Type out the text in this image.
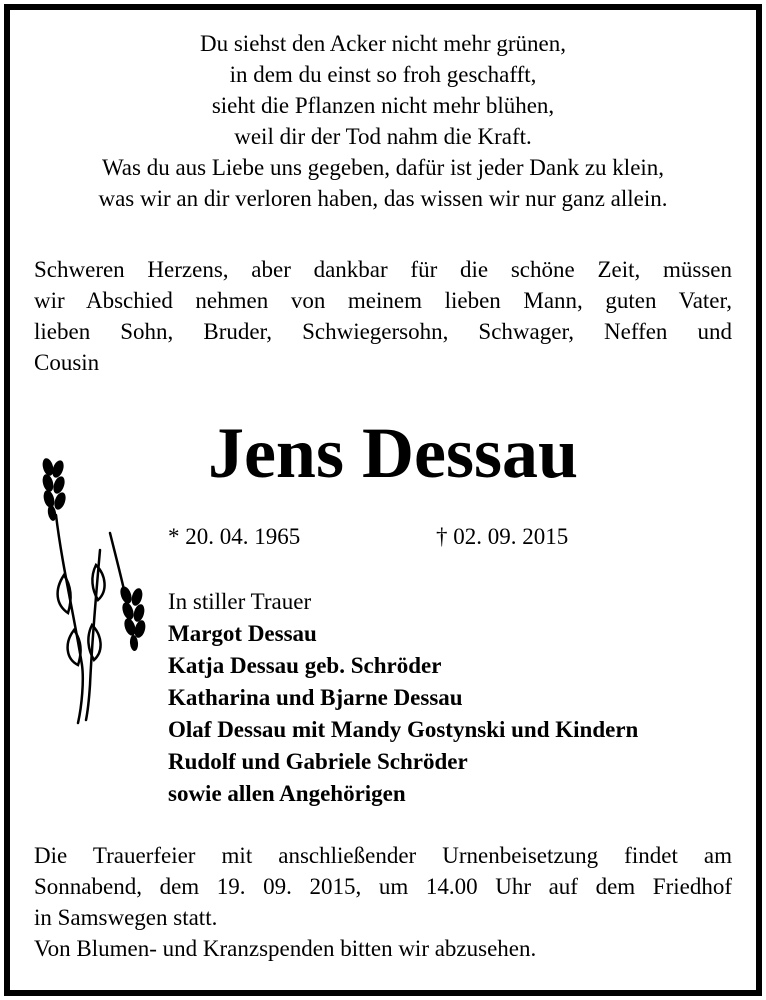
Du siehst den Acker nicht mehr grünen,
in dem du einst so froh geschafft,
sieht die Pflanzen nicht mehr blühen,
weil dir der Tod nahm die Kraft.
Was du aus Liebe uns gegeben, dafür ist jeder Dank zu klein,
was wir an dir verloren haben, das wissen wir nur ganz allein.
Schweren Herzens, aber dankbar für die schöne Zeit, müssen
wir Abschied nehmen von meinem lieben Mann, guten Vater,
lieben Sohn, Bruder, Schwiegersohn, Schwager, Neffen und
Cousin
Jens Dessau
* 20. 04. 1965	† 02. 09. 2015
In stiller Trauer
Margot Dessau
Katja Dessau geb. Schröder
Katharina und Bjarne Dessau
Olaf Dessau mit Mandy Gostynski und Kindern
Rudolf und Gabriele Schröder
sowie allen Angehörigen
Die Trauerfeier mit anschließender Urnenbeisetzung findet am
Sonnabend, dem 19. 09. 2015, um 14.00 Uhr auf dem Friedhof
in Samswegen statt.
Von Blumen- und Kranzspenden bitten wir abzusehen.
